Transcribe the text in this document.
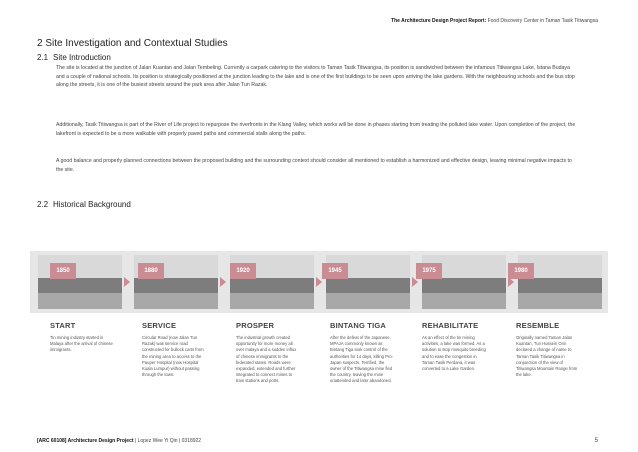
The Architecture Design Project Report: Food Discovery Center in Taman Tasik Titiwangsa
2 Site Investigation and Contextual Studies
2.1 Site Introduction
The site is located at the junction of Jalan Kuantan and Jalan Tembeling. Currently a carpark catering to the visitors to Taman Tasik Titiwangsa, its position is sandwiched between the infamous Titiwangsa Lake, Istana Budaya and a couple of national schools. Its position is strategically positioned at the junction leading to the lake and is one of the first buildings to be seen upon arriving the lake gardens. With the neighbouring schools and the bus stop along the streets, it is one of the busiest streets around the park area after Jalan Tun Razak.
Additionally, Tasik Titiwangsa is part of the River of Life project to repurpose the riverfronts in the Klang Valley, which works will be done in phases starting from treating the polluted lake water. Upon completion of the project, the lakefront is expected to be a more walkable with properly paved paths and commercial stalls along the paths.
A good balance and properly planned connections between the proposed building and the surrounding context should consider all mentioned to establish a harmonized and effective design, leaving minimal negative impacts to the site.
2.2 Historical Background
1850	1880	1920	1945	1975	1980
START
Tin mining industry started in Malaya after the arrival of chinese immigrants.
SERVICE
Circular Road (now Jalan Tun Razak) was service road constructed for bullock carts from the mining area to access to the Pauper Hospital (now Hospital Kuala Lumpur) without passing through the town.
PROSPER
The industrial growth created opportunity for more money all over malaya and a sudden influx of chinese immigrants to the federated states. Roads were expanded, extended and further integrated to connect mines to train stations and ports.
BINTANG TIGA
After the defeat of the Japanese, MPAJA commonly known as Bintang Tiga took control of the authorities for 14 days, killing Pro-Japan suspects. Terrified, the owner of the Titiwangsa mine fled the country, leaving the mine unattended and later abandoned.
REHABILITATE
As an effect of the tin mining activities, a lake was formed. As a solution to stop mosquito breeding and to ease the congestion in Taman Tasik Perdana, it was converted to a Lake Garden.
RESEMBLE
Originally named Taman Jalan Kuantan, Tun Hussein Onn declared a change of name to Taman Tasik Titiwangsa in conjunction of the view of Titiwangsa Mountain Range from the lake.
[ARC 60108] Architecture Design Project | Lopez Wee Yi Qin | 0318922	5
